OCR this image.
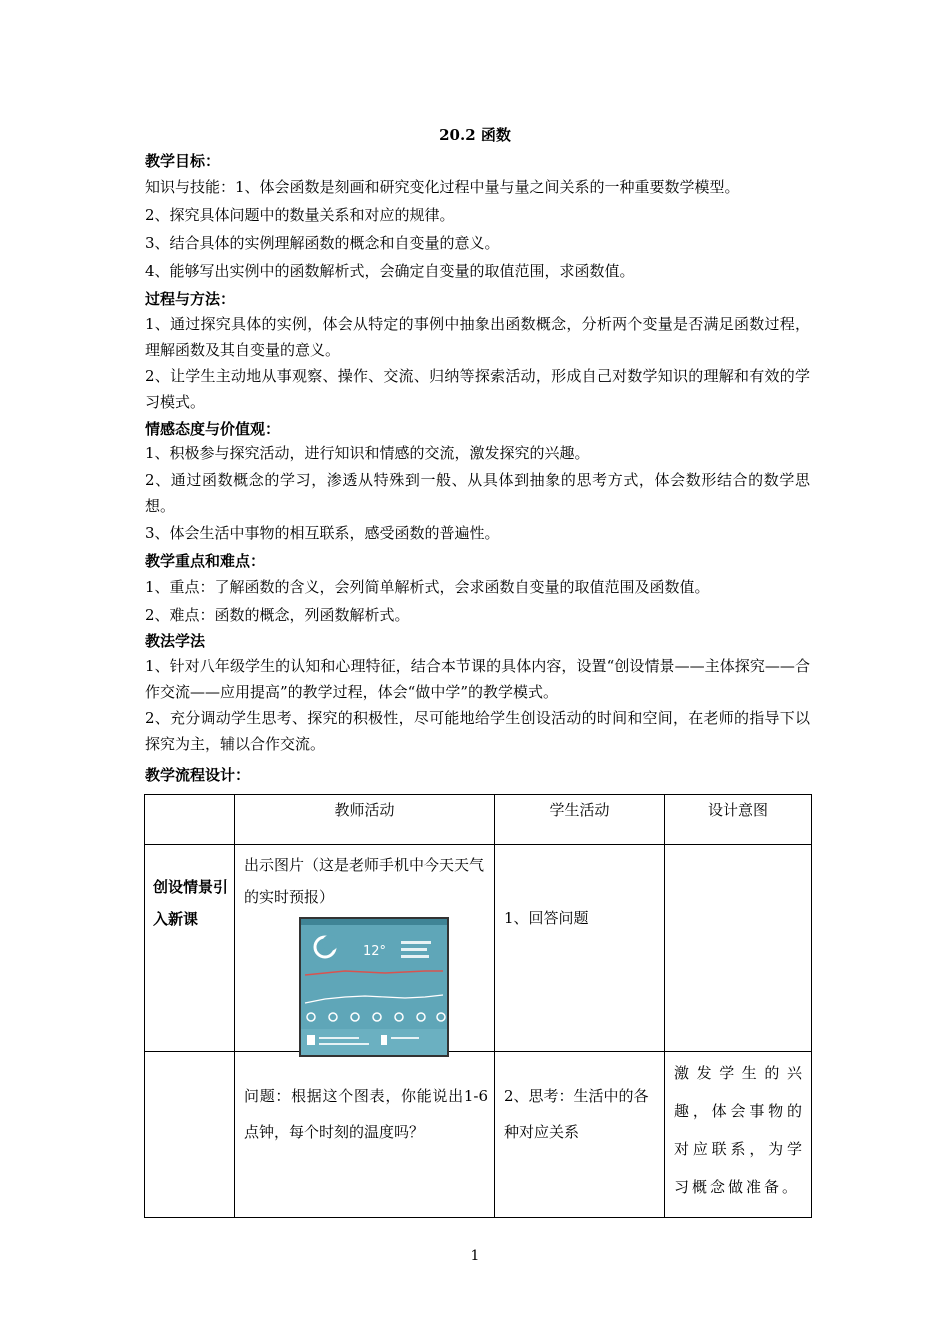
20.2 函数
教学目标：
知识与技能：1、体会函数是刻画和研究变化过程中量与量之间关系的一种重要数学模型。
2、探究具体问题中的数量关系和对应的规律。
3、结合具体的实例理解函数的概念和自变量的意义。
4、能够写出实例中的函数解析式，会确定自变量的取值范围，求函数值。
过程与方法：
1、通过探究具体的实例，体会从特定的事例中抽象出函数概念，分析两个变量是否满足函数过程，理解函数及其自变量的意义。
2、让学生主动地从事观察、操作、交流、归纳等探索活动，形成自己对数学知识的理解和有效的学习模式。
情感态度与价值观：
1、积极参与探究活动，进行知识和情感的交流，激发探究的兴趣。
2、通过函数概念的学习，渗透从特殊到一般、从具体到抽象的思考方式，体会数形结合的数学思想。
3、体会生活中事物的相互联系，感受函数的普遍性。
教学重点和难点：
1、重点：了解函数的含义，会列简单解析式，会求函数自变量的取值范围及函数值。
2、难点：函数的概念，列函数解析式。
教法学法
1、针对八年级学生的认知和心理特征，结合本节课的具体内容，设置“创设情景——主体探究——合作交流——应用提高”的教学过程，体会“做中学”的教学模式。
2、充分调动学生思考、探究的积极性，尽可能地给学生创设活动的时间和空间，在老师的指导下以探究为主，辅以合作交流。
教学流程设计：

	教师活动	学生活动	设计意图

创设情景引入新课	出示图片（这是老师手机中今天天气的实时预报）	1、回答问题	

	问题：根据这个图表，你能说出1-6点钟，每个时刻的温度吗？	2、思考：生活中的各种对应关系	激发学生的兴趣，体会事物的对应联系，为学习概念做准备。
12°
1
